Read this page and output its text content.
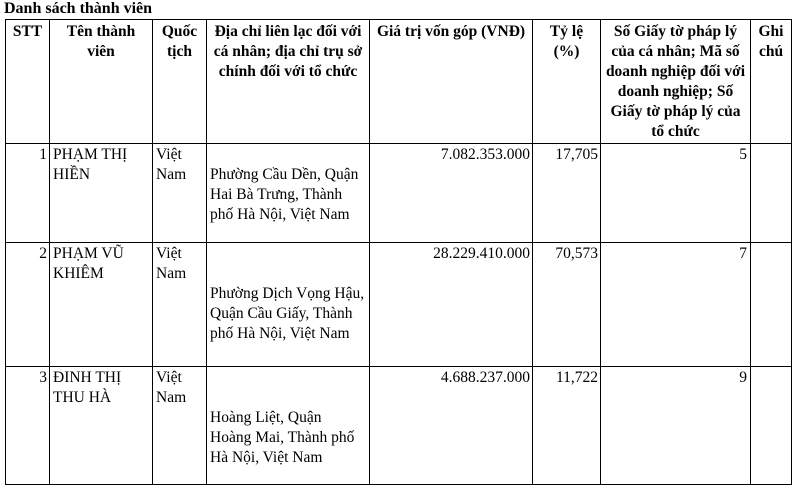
Danh sách thành viên
STT	Tên thành viên	Quốc tịch	Địa chỉ liên lạc đối với cá nhân; địa chỉ trụ sở chính đối với tổ chức	Giá trị vốn góp (VNĐ)	Tỷ lệ (%)	Số Giấy tờ pháp lý của cá nhân; Mã số doanh nghiệp đối với doanh nghiệp; Số Giấy tờ pháp lý của tổ chức	Ghi chú
1	PHẠM THỊ HIỀN	Việt Nam	Phường Cầu Dền, Quận Hai Bà Trưng, Thành phố Hà Nội, Việt Nam	7.082.353.000	17,705	5	

2	PHẠM VŨ KHIÊM	Việt Nam	Phường Dịch Vọng Hậu, Quận Cầu Giấy, Thành phố Hà Nội, Việt Nam	28.229.410.000	70,573	7	

3	ĐINH THỊ THU HÀ	Việt Nam	Hoàng Liệt, Quận Hoàng Mai, Thành phố Hà Nội, Việt Nam	4.688.237.000	11,722	9	
